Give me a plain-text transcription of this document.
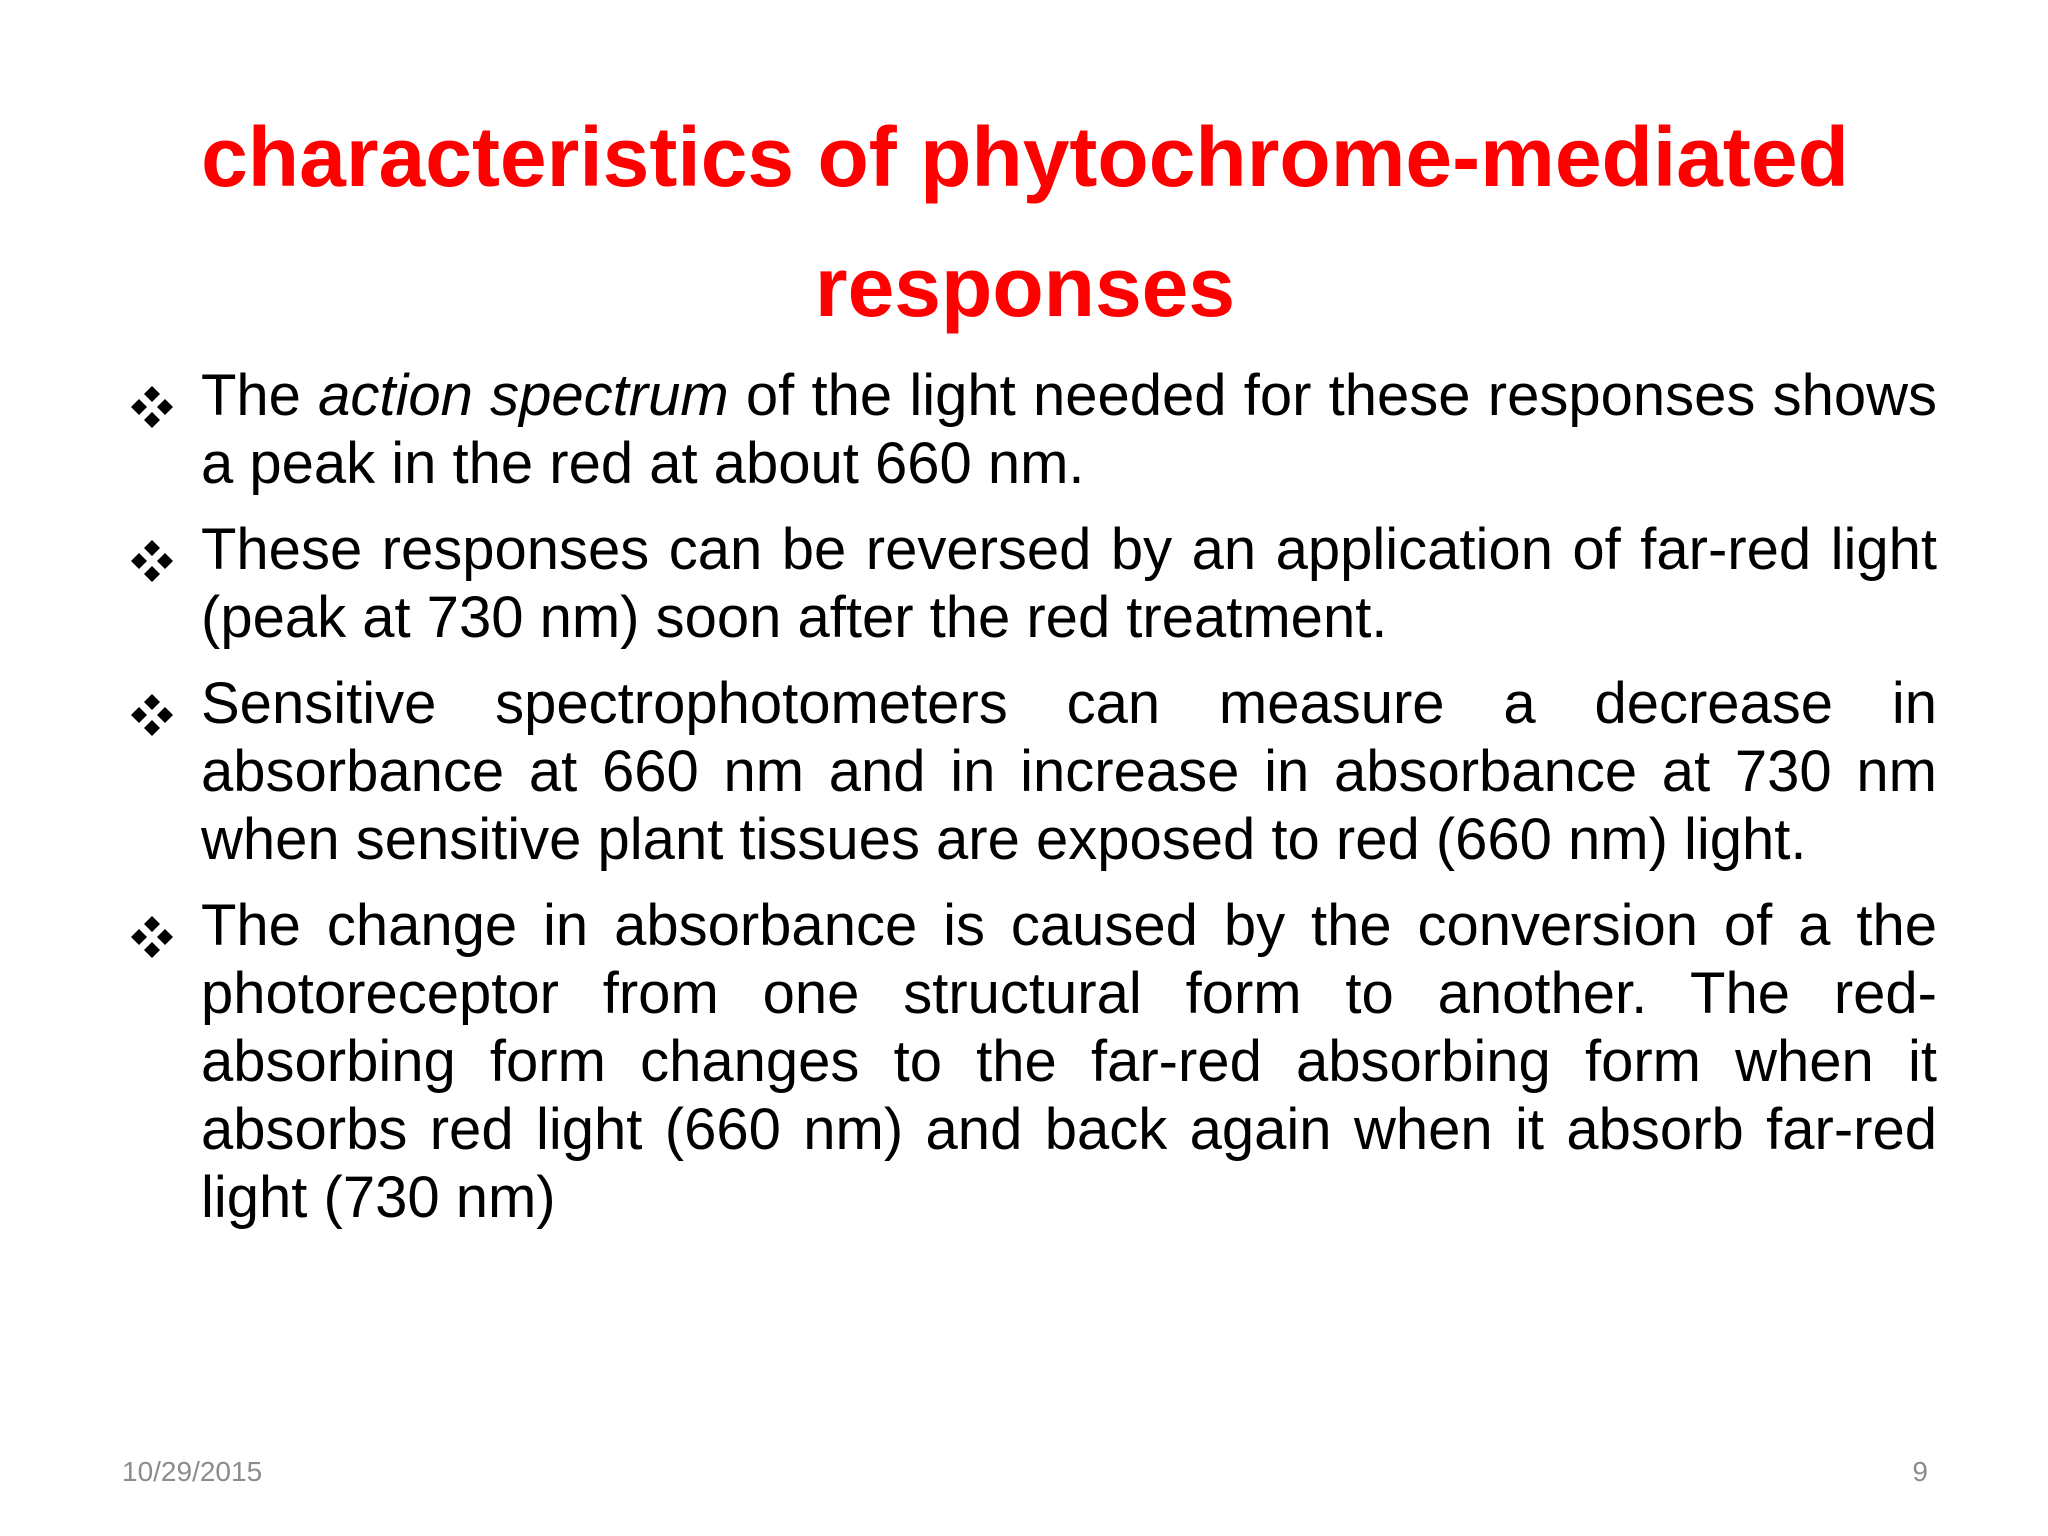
characteristics of phytochrome-mediated responses
The action spectrum of the light needed for these responses shows a peak in the red at about 660 nm.
These responses can be reversed by an application of far-red light (peak at 730 nm) soon after the red treatment.
Sensitive spectrophotometers can measure a decrease in absorbance at 660 nm and in increase in absorbance at 730 nm when sensitive plant tissues are exposed to red (660 nm) light.
The change in absorbance is caused by the conversion of a the photoreceptor from one structural form to another. The red-absorbing form changes to the far-red absorbing form when it absorbs red light (660 nm) and back again when it absorb far-red light (730 nm)
10/29/2015	9
